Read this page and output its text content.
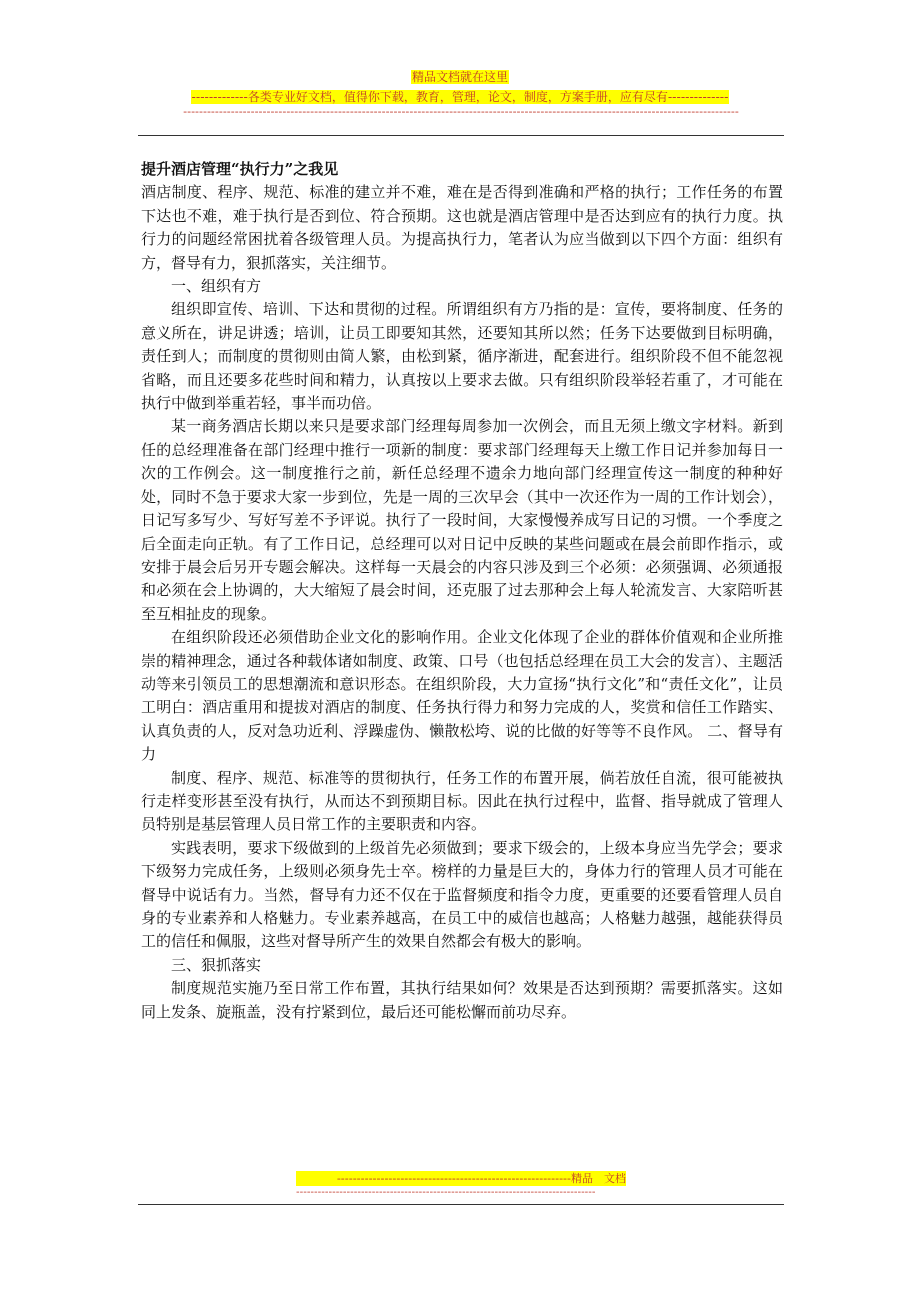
精品文档就在这里
-------------各类专业好文档，值得你下载，教育，管理，论文，制度，方案手册，应有尽有--------------
--------------------------------------------------------------------------------------------------------------------------------------------

提升酒店管理“执行力”之我见

酒店制度、程序、规范、标准的建立并不难，难在是否得到准确和严格的执行；工作任务的布置下达也不难，难于执行是否到位、符合预期。这也就是酒店管理中是否达到应有的执行力度。执行力的问题经常困扰着各级管理人员。为提高执行力，笔者认为应当做到以下四个方面：组织有方，督导有力，狠抓落实，关注细节。

一、组织有方

组织即宣传、培训、下达和贯彻的过程。所谓组织有方乃指的是：宣传，要将制度、任务的意义所在，讲足讲透；培训，让员工即要知其然，还要知其所以然；任务下达要做到目标明确，责任到人；而制度的贯彻则由简人繁，由松到紧，循序渐进，配套进行。组织阶段不但不能忽视省略，而且还要多花些时间和精力，认真按以上要求去做。只有组织阶段举轻若重了，才可能在执行中做到举重若轻，事半而功倍。

某一商务酒店长期以来只是要求部门经理每周参加一次例会，而且无须上缴文字材料。新到任的总经理准备在部门经理中推行一项新的制度：要求部门经理每天上缴工作日记并参加每日一次的工作例会。这一制度推行之前，新任总经理不遗余力地向部门经理宣传这一制度的种种好处，同时不急于要求大家一步到位，先是一周的三次早会（其中一次还作为一周的工作计划会），日记写多写少、写好写差不予评说。执行了一段时间，大家慢慢养成写日记的习惯。一个季度之后全面走向正轨。有了工作日记，总经理可以对日记中反映的某些问题或在晨会前即作指示，或安排于晨会后另开专题会解决。这样每一天晨会的内容只涉及到三个必须：必须强调、必须通报和必须在会上协调的，大大缩短了晨会时间，还克服了过去那种会上每人轮流发言、大家陪听甚至互相扯皮的现象。

在组织阶段还必须借助企业文化的影响作用。企业文化体现了企业的群体价值观和企业所推崇的精神理念，通过各种载体诸如制度、政策、口号（也包括总经理在员工大会的发言）、主题活动等来引领员工的思想潮流和意识形态。在组织阶段，大力宣扬“执行文化”和“责任文化”，让员工明白：酒店重用和提拔对酒店的制度、任务执行得力和努力完成的人，奖赏和信任工作踏实、认真负责的人，反对急功近利、浮躁虚伪、懒散松垮、说的比做的好等等不良作风。 二、督导有力

制度、程序、规范、标准等的贯彻执行，任务工作的布置开展，倘若放任自流，很可能被执行走样变形甚至没有执行，从而达不到预期目标。因此在执行过程中，监督、指导就成了管理人员特别是基层管理人员日常工作的主要职责和内容。

实践表明，要求下级做到的上级首先必须做到；要求下级会的，上级本身应当先学会；要求下级努力完成任务，上级则必须身先士卒。榜样的力量是巨大的，身体力行的管理人员才可能在督导中说话有力。当然，督导有力还不仅在于监督频度和指令力度，更重要的还要看管理人员自身的专业素养和人格魅力。专业素养越高，在员工中的威信也越高；人格魅力越强，越能获得员工的信任和佩服，这些对督导所产生的效果自然都会有极大的影响。

三、狠抓落实

制度规范实施乃至日常工作布置，其执行结果如何？效果是否达到预期？需要抓落实。这如同上发条、旋瓶盖，没有拧紧到位，最后还可能松懈而前功尽弃。

-----------------------------------------------------------精品　文档
-----------------------------------------------------------------------------------
